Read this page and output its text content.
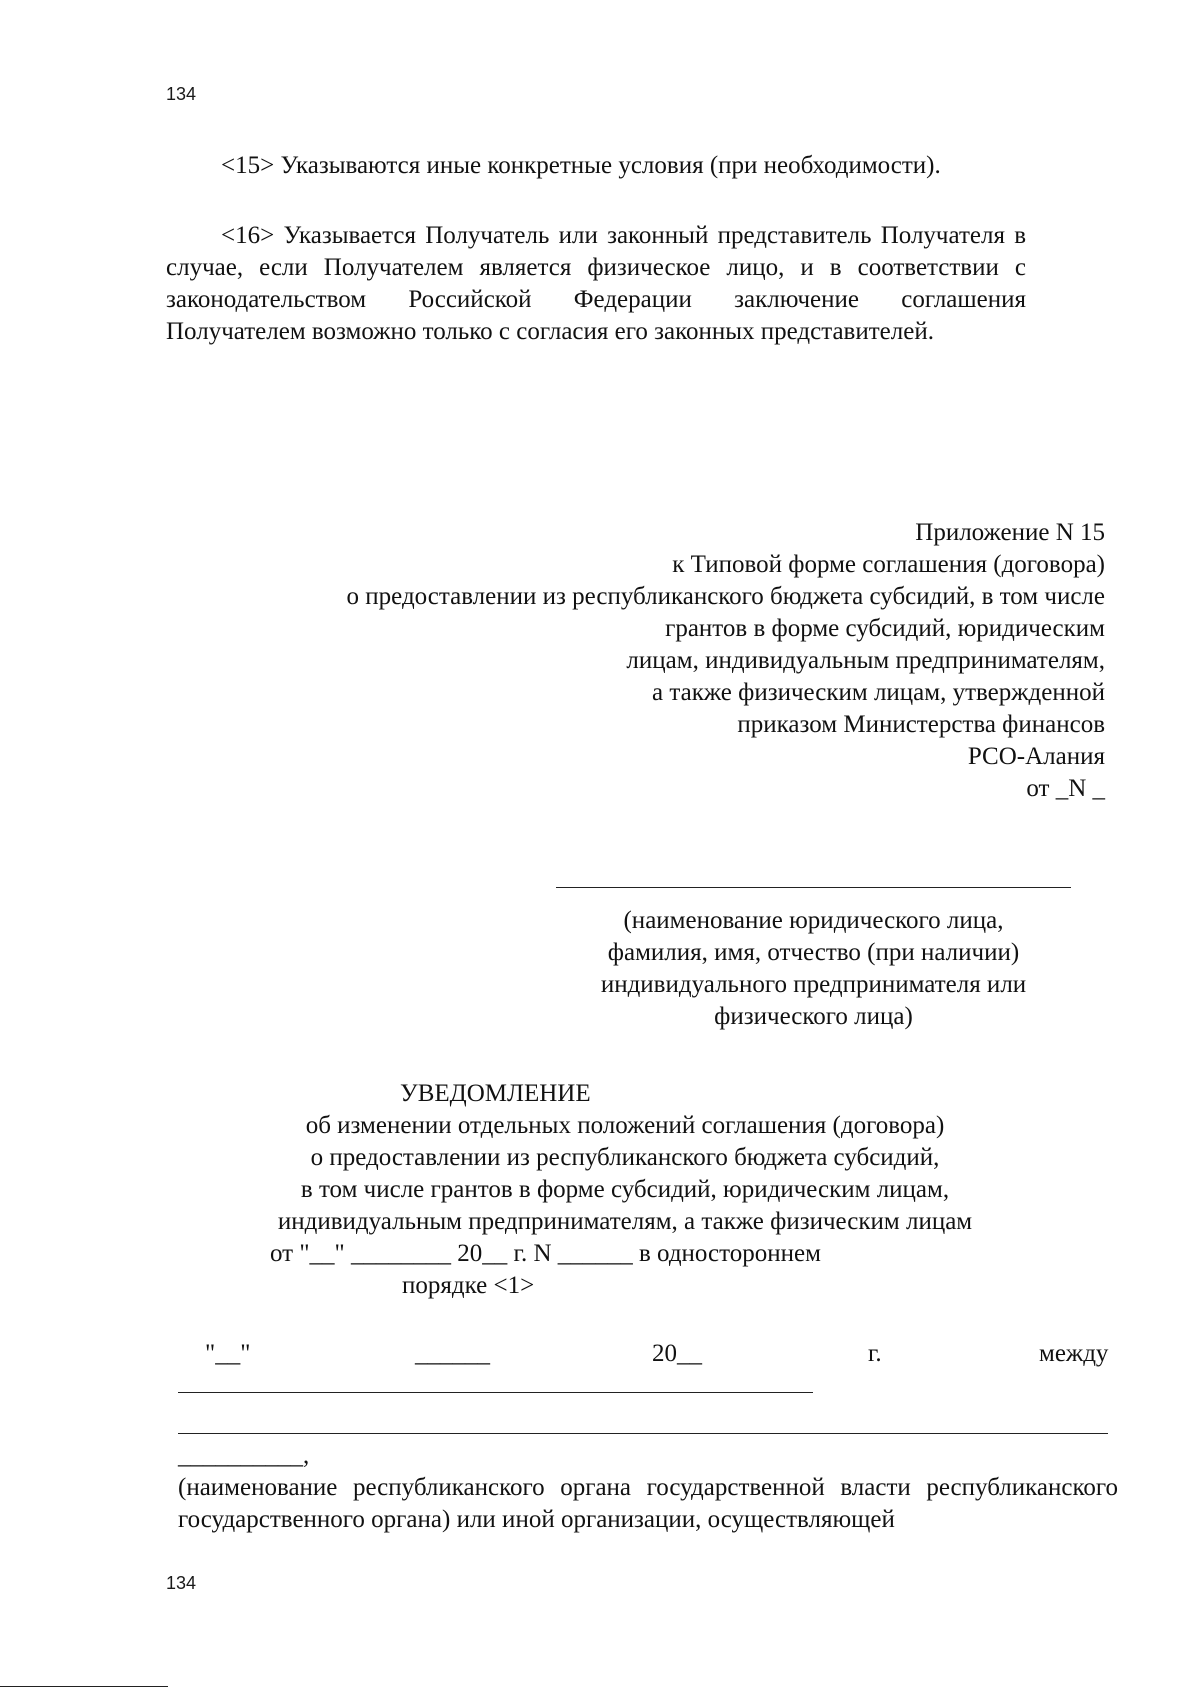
134

<15> Указываются иные конкретные условия (при необходимости).

<16> Указывается Получатель или законный представитель Получателя в случае, если Получателем является физическое лицо, и в соответствии с законодательством Российской Федерации заключение соглашения Получателем возможно только с согласия его законных представителей.

Приложение N 15
к Типовой форме соглашения (договора)
о предоставлении из республиканского бюджета субсидий, в том числе
грантов в форме субсидий, юридическим
лицам, индивидуальным предпринимателям,
а также физическим лицам, утвержденной
приказом Министерства финансов
РСО-Алания
от _N _
(наименование юридического лица,
фамилия, имя, отчество (при наличии)
индивидуального предпринимателя или
физического лица)
УВЕДОМЛЕНИЕ
об изменении отдельных положений соглашения (договора)
о предоставлении из республиканского бюджета субсидий,
в том числе грантов в форме субсидий, юридическим лицам,
индивидуальным предпринимателям, а также физическим лицам
от "__" ________ 20__ г. N ______ в одностороннем
порядке <1>
"__"	______	20__	г.	между
__________,

(наименование республиканского органа государственной власти республиканского государственного органа) или иной организации, осуществляющей

134
